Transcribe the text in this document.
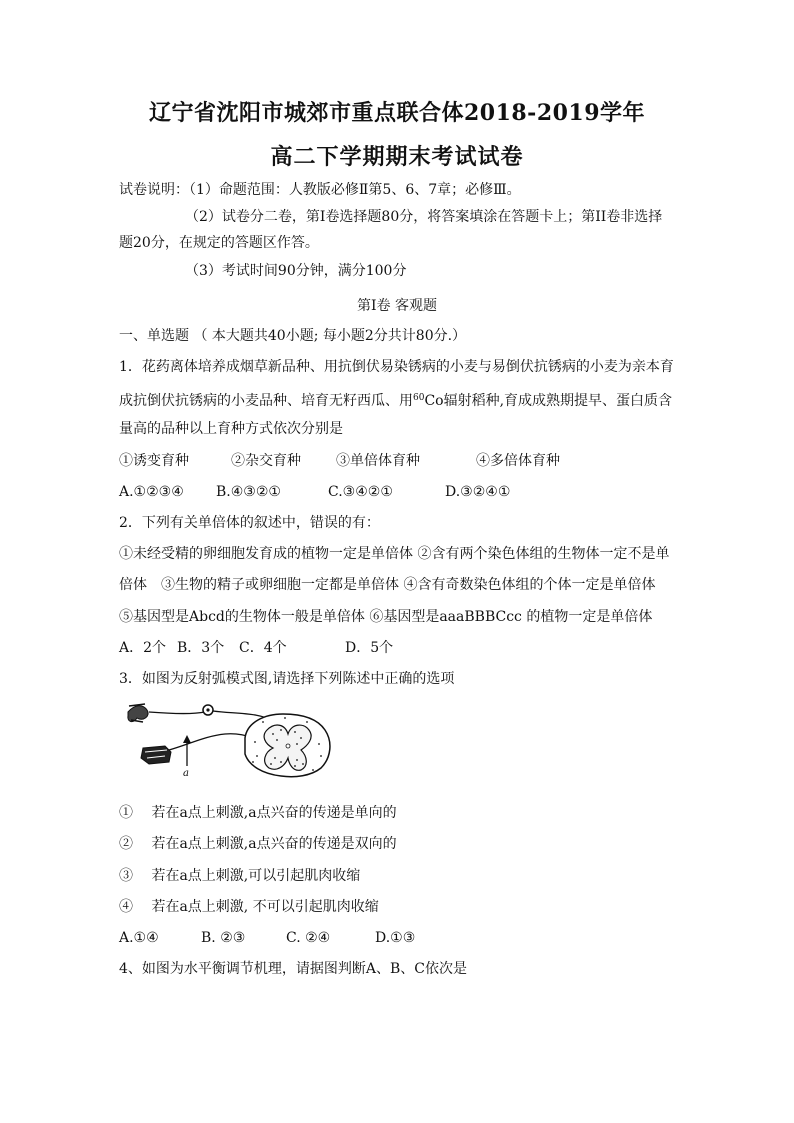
辽宁省沈阳市城郊市重点联合体2018-2019学年
高二下学期期末考试试卷
试卷说明：（1）命题范围：人教版必修Ⅱ第5、6、7章；必修Ⅲ。
（2）试卷分二卷，第Ⅰ卷选择题80分，将答案填涂在答题卡上；第II卷非选择
题20分，在规定的答题区作答。
（3）考试时间90分钟，满分100分
第Ⅰ卷 客观题
一、单选题 （ 本大题共40小题; 每小题2分共计80分.）
1．花药离体培养成烟草新品种、用抗倒伏易染锈病的小麦与易倒伏抗锈病的小麦为亲本育
成抗倒伏抗锈病的小麦品种、培育无籽西瓜、用$^{60}$Co辐射稻种,育成成熟期提早、蛋白质含
量高的品种以上育种方式依次分别是
①诱变育种	②杂交育种	③单倍体育种	④多倍体育种
A.①②③④ B.④③②①	C.③④②①	D.③②④①
2．下列有关单倍体的叙述中，错误的有：
①未经受精的卵细胞发育成的植物一定是单倍体 ②含有两个染色体组的生物体一定不是单
倍体　③生物的精子或卵细胞一定都是单倍体 ④含有奇数染色体组的个体一定是单倍体
⑤基因型是Abcd的生物体一般是单倍体 ⑥基因型是aaaBBBCcc 的植物一定是单倍体
A．2个 B．3个 C．4个	D．5个
3．如图为反射弧模式图,请选择下列陈述中正确的选项
a
①　 若在a点上刺激,a点兴奋的传递是单向的
②　 若在a点上刺激,a点兴奋的传递是双向的
③　 若在a点上刺激,可以引起肌肉收缩
④　 若在a点上刺激, 不可以引起肌肉收缩
A.①④	B. ②③	C. ②④	D.①③
4、如图为水平衡调节机理，请据图判断A、B、C依次是
